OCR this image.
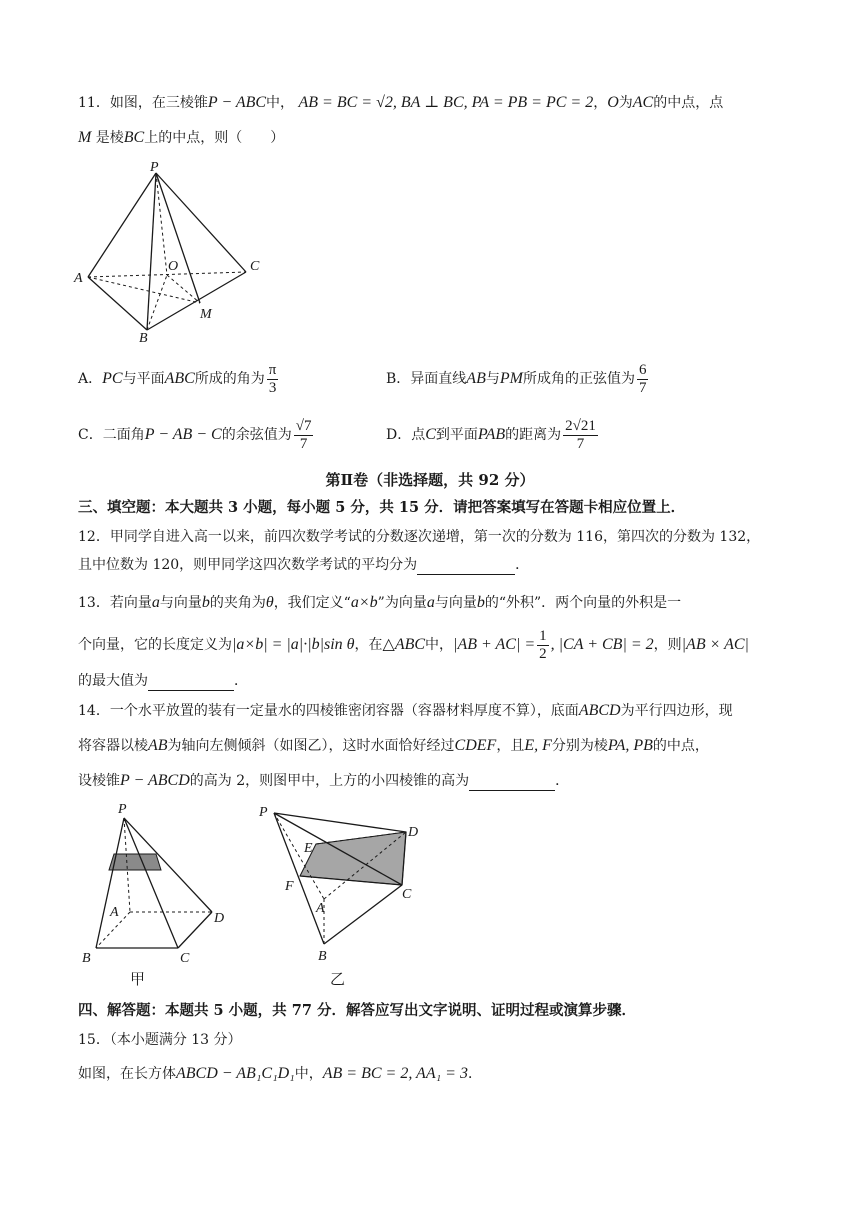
11．如图，在三棱锥P − ABC中， AB = BC = √2, BA ⊥ BC, PA = PB = PC = 2，O为AC的中点，点
M 是棱BC上的中点，则（　　）
P
A
O	C
M
B
A． PC 与平面 ABC 所成的角为 $\frac{\pi}{3}$	B．异面直线 AB 与 PM 所成角的正弦值为 $\frac{6}{7}$
C．二面角 P − AB − C 的余弦值为 $\frac{√7}{7}$	D．点 C 到平面 PAB 的距离为 $\frac{2√21}{7}$
第Ⅱ卷（非选择题，共 92 分）
三、填空题：本大题共 3 小题，每小题 5 分，共 15 分．请把答案填写在答题卡相应位置上．
12．甲同学自进入高一以来，前四次数学考试的分数逐次递增，第一次的分数为 116，第四次的分数为 132，
且中位数为 120，则甲同学这四次数学考试的平均分为	．
13．若向量a与向量b的夹角为θ，我们定义“a×b”为向量a与向量b的“外积”．两个向量的外积是一
个向量，它的长度定义为 |a×b| = |a|·|b|sin θ ，在 △ABC 中， $|AB + AC| = \frac{1}{2}$ , |CA + CB| = 2 ，则 |AB × AC|
的最大值为	．
14．一个水平放置的装有一定量水的四棱锥密闭容器（容器材料厚度不算），底面ABCD为平行四边形，现
将容器以棱AB为轴向左侧倾斜（如图乙），这时水面恰好经过CDEF，且E, F分别为棱PA, PB的中点，
设棱锥P − ABCD的高为 2，则图甲中，上方的小四棱锥的高为	．
P
A	D
B	C
甲
P
D
E
F
C
A
B
乙
四、解答题：本题共 5 小题，共 77 分．解答应写出文字说明、证明过程或演算步骤．
15．（本小题满分 13 分）
如图，在长方体ABCD − AB₁C₁D₁中，AB = BC = 2, AA₁ = 3．
